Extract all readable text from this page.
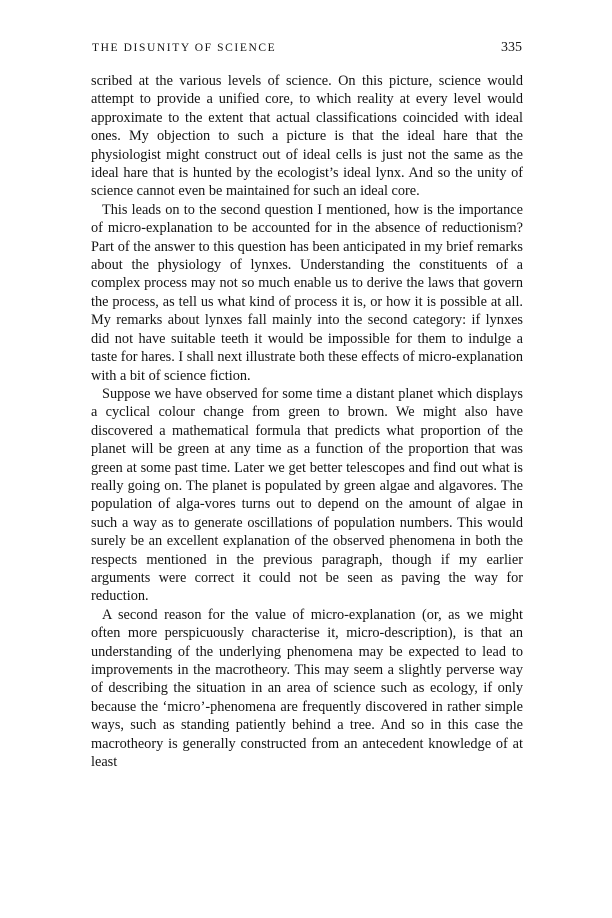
THE DISUNITY OF SCIENCE	335

scribed at the various levels of science. On this picture, science would attempt to provide a unified core, to which reality at every level would approximate to the extent that actual classifications coincided with ideal ones. My objection to such a picture is that the ideal hare that the physiologist might construct out of ideal cells is just not the same as the ideal hare that is hunted by the ecologist’s ideal lynx. And so the unity of science cannot even be maintained for such an ideal core.

This leads on to the second question I mentioned, how is the importance of micro-explanation to be accounted for in the absence of reductionism? Part of the answer to this question has been anticipated in my brief remarks about the physiology of lynxes. Understanding the constituents of a complex process may not so much enable us to derive the laws that govern the process, as tell us what kind of process it is, or how it is possible at all. My remarks about lynxes fall mainly into the second category: if lynxes did not have suitable teeth it would be impossible for them to indulge a taste for hares. I shall next illustrate both these effects of micro-explanation with a bit of science fiction.

Suppose we have observed for some time a distant planet which displays a cyclical colour change from green to brown. We might also have discovered a mathematical formula that predicts what proportion of the planet will be green at any time as a function of the proportion that was green at some past time. Later we get better telescopes and find out what is really going on. The planet is populated by green algae and algavores. The population of alga-vores turns out to depend on the amount of algae in such a way as to generate oscillations of population numbers. This would surely be an excellent explanation of the observed phenomena in both the respects mentioned in the previous paragraph, though if my earlier arguments were correct it could not be seen as paving the way for reduction.

A second reason for the value of micro-explanation (or, as we might often more perspicuously characterise it, micro-description), is that an understanding of the underlying phenomena may be expected to lead to improvements in the macrotheory. This may seem a slightly perverse way of describing the situation in an area of science such as ecology, if only because the ‘micro’-phenomena are frequently discovered in rather simple ways, such as standing patiently behind a tree. And so in this case the macrotheory is generally constructed from an antecedent knowledge of at least
